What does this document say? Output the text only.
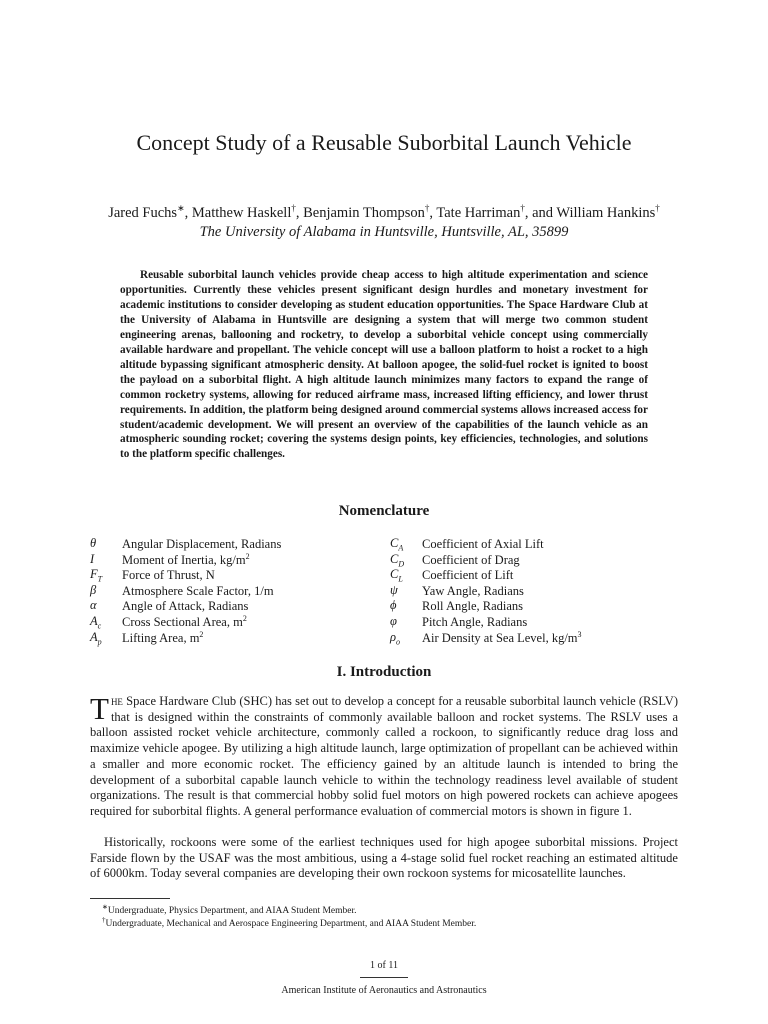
Concept Study of a Reusable Suborbital Launch Vehicle
Jared Fuchs∗, Matthew Haskell†, Benjamin Thompson†, Tate Harriman†, and William Hankins†
The University of Alabama in Huntsville, Huntsville, AL, 35899

Reusable suborbital launch vehicles provide cheap access to high altitude experimentation and science opportunities. Currently these vehicles present significant design hurdles and monetary investment for academic institutions to consider developing as student education opportunities. The Space Hardware Club at the University of Alabama in Huntsville are designing a system that will merge two common student engineering arenas, ballooning and rocketry, to develop a suborbital vehicle concept using commercially available hardware and propellant. The vehicle concept will use a balloon platform to hoist a rocket to a high altitude bypassing significant atmospheric density. At balloon apogee, the solid-fuel rocket is ignited to boost the payload on a suborbital flight. A high altitude launch minimizes many factors to expand the range of common rocketry systems, allowing for reduced airframe mass, increased lifting efficiency, and lower thrust requirements. In addition, the platform being designed around commercial systems allows increased access for student/academic development. We will present an overview of the capabilities of the launch vehicle as an atmospheric sounding rocket; covering the systems design points, key efficiencies, technologies, and solutions to the platform specific challenges.

Nomenclature
θ Angular Displacement, Radians
I Moment of Inertia, $kg/m^2$
$F_T$ Force of Thrust, N
β Atmosphere Scale Factor, 1/m
α Angle of Attack, Radians
$A_c$ Cross Sectional Area, $m^2$
$A_p$ Lifting Area, $m^2$
$C_A$ Coefficient of Axial Lift
$C_D$ Coefficient of Drag
$C_L$ Coefficient of Lift
ψ Yaw Angle, Radians
ϕ Roll Angle, Radians
φ Pitch Angle, Radians
$\rho_o$ Air Density at Sea Level, $kg/m^3$
I. Introduction

The Space Hardware Club (SHC) has set out to develop a concept for a reusable suborbital launch vehicle (RSLV) that is designed within the constraints of commonly available balloon and rocket systems. The RSLV uses a balloon assisted rocket vehicle architecture, commonly called a rockoon, to significantly reduce drag loss and maximize vehicle apogee. By utilizing a high altitude launch, large optimization of propellant can be achieved within a smaller and more economic rocket. The efficiency gained by an altitude launch is intended to bring the development of a suborbital capable launch vehicle to within the technology readiness level available of student organizations. The result is that commercial hobby solid fuel motors on high powered rockets can achieve apogees required for suborbital flights. A general performance evaluation of commercial motors is shown in figure 1.

Historically, rockoons were some of the earliest techniques used for high apogee suborbital missions. Project Farside flown by the USAF was the most ambitious, using a 4-stage solid fuel rocket reaching an estimated altitude of 6000km. Today several companies are developing their own rockoon systems for micosatellite launches.

∗Undergraduate, Physics Department, and AIAA Student Member.
†Undergraduate, Mechanical and Aerospace Engineering Department, and AIAA Student Member.
1 of 11
American Institute of Aeronautics and Astronautics
